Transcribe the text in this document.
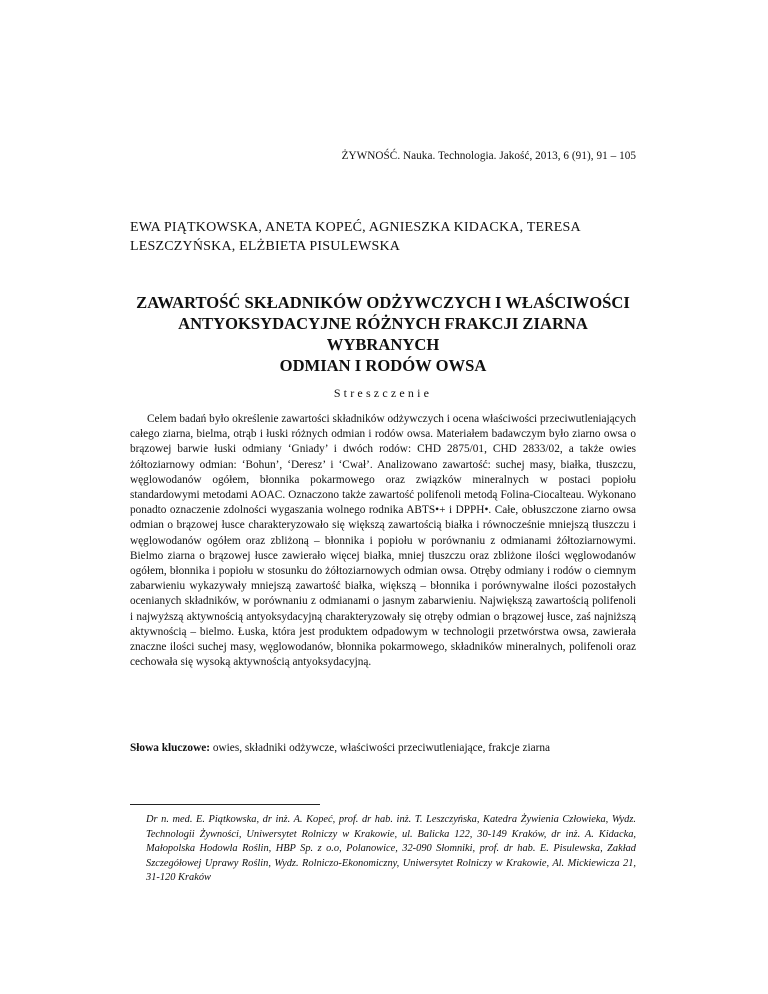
ŻYWNOŚĆ. Nauka. Technologia. Jakość, 2013, 6 (91), 91 – 105
EWA PIĄTKOWSKA, ANETA KOPEĆ, AGNIESZKA KIDACKA, TERESA
LESZCZYŃSKA, ELŻBIETA PISULEWSKA
ZAWARTOŚĆ SKŁADNIKÓW ODŻYWCZYCH I WŁAŚCIWOŚCI
ANTYOKSYDACYJNE RÓŻNYCH FRAKCJI ZIARNA WYBRANYCH
ODMIAN I RODÓW OWSA
Streszczenie
Celem badań było określenie zawartości składników odżywczych i ocena właściwości przeciwutleniających całego ziarna, bielma, otrąb i łuski różnych odmian i rodów owsa. Materiałem badawczym było ziarno owsa o brązowej barwie łuski odmiany ‘Gniady’ i dwóch rodów: CHD 2875/01, CHD 2833/02, a także owies żółtoziarnowy odmian: ‘Bohun’, ‘Deresz’ i ‘Cwał’. Analizowano zawartość: suchej masy, białka, tłuszczu, węglowodanów ogółem, błonnika pokarmowego oraz związków mineralnych w postaci popiołu standardowymi metodami AOAC. Oznaczono także zawartość polifenoli metodą Folina-Ciocalteau. Wykonano ponadto oznaczenie zdolności wygaszania wolnego rodnika ABTS•+ i DPPH•. Całe, obłuszczone ziarno owsa odmian o brązowej łusce charakteryzowało się większą zawartością białka i równocześnie mniejszą tłuszczu i węglowodanów ogółem oraz zbliżoną – błonnika i popiołu w porównaniu z odmianami żółtoziarnowymi. Bielmo ziarna o brązowej łusce zawierało więcej białka, mniej tłuszczu oraz zbliżone ilości węglowodanów ogółem, błonnika i popiołu w stosunku do żółtoziarnowych odmian owsa. Otręby odmiany i rodów o ciemnym zabarwieniu wykazywały mniejszą zawartość białka, większą – błonnika i porównywalne ilości pozostałych ocenianych składników, w porównaniu z odmianami o jasnym zabarwieniu. Największą zawartością polifenoli i najwyższą aktywnością antyoksydacyjną charakteryzowały się otręby odmian o brązowej łusce, zaś najniższą aktywnością – bielmo. Łuska, która jest produktem odpadowym w technologii przetwórstwa owsa, zawierała znaczne ilości suchej masy, węglowodanów, błonnika pokarmowego, składników mineralnych, polifenoli oraz cechowała się wysoką aktywnością antyoksydacyjną.
Słowa kluczowe: owies, składniki odżywcze, właściwości przeciwutleniające, frakcje ziarna
Dr n. med. E. Piątkowska, dr inż. A. Kopeć, prof. dr hab. inż. T. Leszczyńska, Katedra Żywienia Człowieka, Wydz. Technologii Żywności, Uniwersytet Rolniczy w Krakowie, ul. Balicka 122, 30-149 Kraków, dr inż. A. Kidacka, Małopolska Hodowla Roślin, HBP Sp. z o.o, Polanowice, 32-090 Słomniki, prof. dr hab. E. Pisulewska, Zakład Szczegółowej Uprawy Roślin, Wydz. Rolniczo-Ekonomiczny, Uniwersytet Rolniczy w Krakowie, Al. Mickiewicza 21, 31-120 Kraków
